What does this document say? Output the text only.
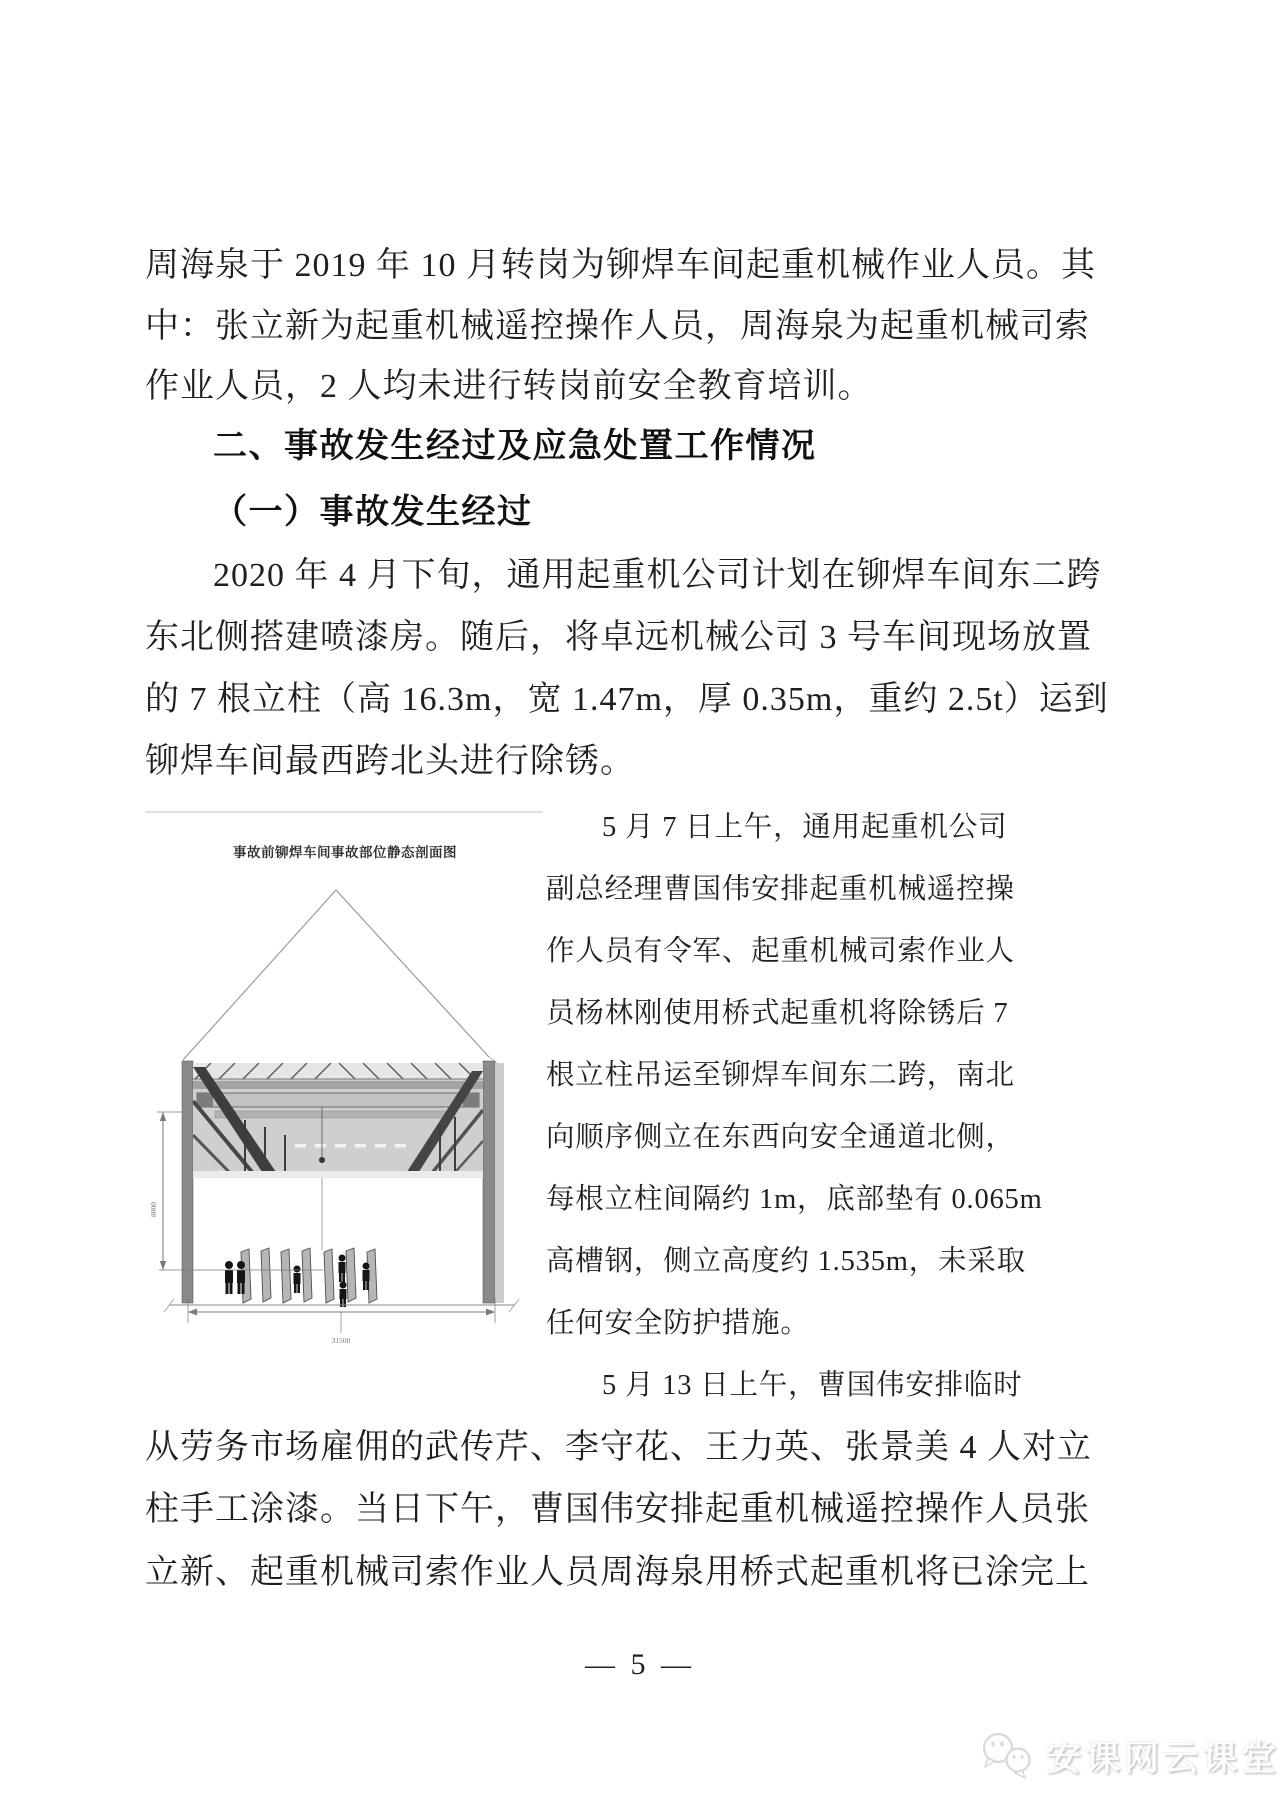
周海泉于 2019 年 10 月转岗为铆焊车间起重机械作业人员。其
中：张立新为起重机械遥控操作人员，周海泉为起重机械司索
作业人员，2 人均未进行转岗前安全教育培训。
二、事故发生经过及应急处置工作情况
（一）事故发生经过
2020 年 4 月下旬，通用起重机公司计划在铆焊车间东二跨
东北侧搭建喷漆房。随后，将卓远机械公司 3 号车间现场放置
的 7 根立柱（高 16.3m，宽 1.47m，厚 0.35m，重约 2.5t）运到
铆焊车间最西跨北头进行除锈。
事故前铆焊车间事故部位静态剖面图
31500
8000
5 月 7 日上午，通用起重机公司
副总经理曹国伟安排起重机械遥控操
作人员有令军、起重机械司索作业人
员杨林刚使用桥式起重机将除锈后 7
根立柱吊运至铆焊车间东二跨，南北
向顺序侧立在东西向安全通道北侧，
每根立柱间隔约 1m，底部垫有 0.065m
高槽钢，侧立高度约 1.535m，未采取
任何安全防护措施。
5 月 13 日上午，曹国伟安排临时
从劳务市场雇佣的武传芹、李守花、王力英、张景美 4 人对立
柱手工涂漆。当日下午，曹国伟安排起重机械遥控操作人员张
立新、起重机械司索作业人员周海泉用桥式起重机将已涂完上
— 5 —
安课网云课堂
